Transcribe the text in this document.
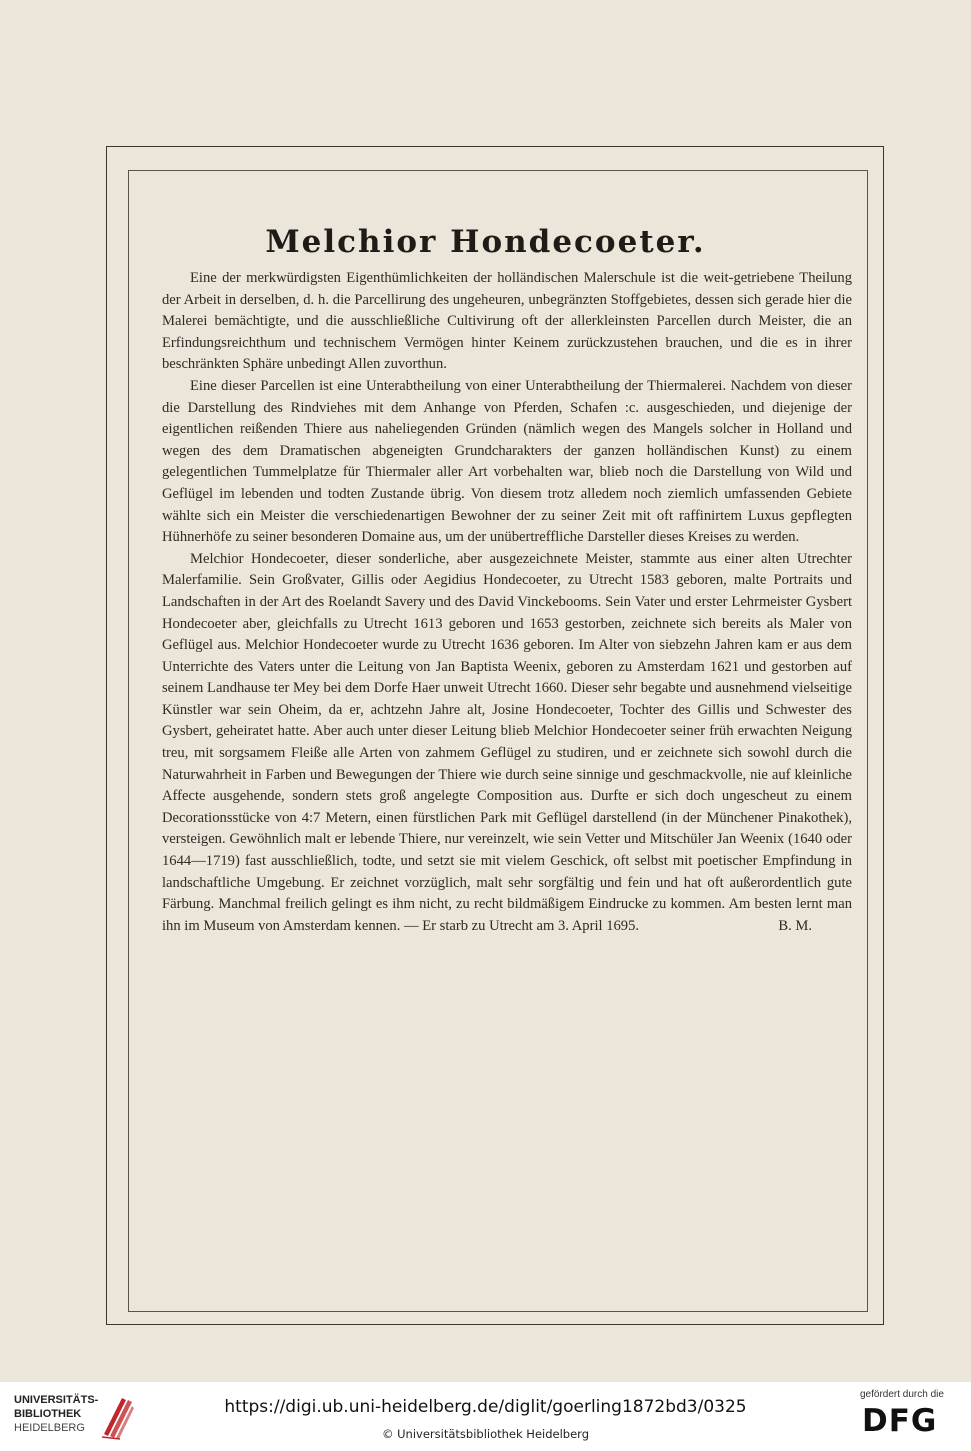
Melchior Hondecoeter.

Eine der merkwürdigsten Eigenthümlichkeiten der holländischen Malerschule ist die weit-getriebene Theilung der Arbeit in derselben, d. h. die Parcellirung des ungeheuren, unbegränzten Stoffgebietes, dessen sich gerade hier die Malerei bemächtigte, und die ausschließliche Cultivirung oft der allerkleinsten Parcellen durch Meister, die an Erfindungsreichthum und technischem Vermögen hinter Keinem zurückzustehen brauchen, und die es in ihrer beschränkten Sphäre unbedingt Allen zuvorthun.

Eine dieser Parcellen ist eine Unterabtheilung von einer Unterabtheilung der Thiermalerei. Nachdem von dieser die Darstellung des Rindviehes mit dem Anhange von Pferden, Schafen :c. ausgeschieden, und diejenige der eigentlichen reißenden Thiere aus naheliegenden Gründen (nämlich wegen des Mangels solcher in Holland und wegen des dem Dramatischen abgeneigten Grundcharakters der ganzen holländischen Kunst) zu einem gelegentlichen Tummelplatze für Thiermaler aller Art vorbehalten war, blieb noch die Darstellung von Wild und Geflügel im lebenden und todten Zustande übrig. Von diesem trotz alledem noch ziemlich umfassenden Gebiete wählte sich ein Meister die verschiedenartigen Bewohner der zu seiner Zeit mit oft raffinirtem Luxus gepflegten Hühnerhöfe zu seiner besonderen Domaine aus, um der unübertreffliche Darsteller dieses Kreises zu werden.

Melchior Hondecoeter, dieser sonderliche, aber ausgezeichnete Meister, stammte aus einer alten Utrechter Malerfamilie. Sein Großvater, Gillis oder Aegidius Hondecoeter, zu Utrecht 1583 geboren, malte Portraits und Landschaften in der Art des Roelandt Savery und des David Vinckebooms. Sein Vater und erster Lehrmeister Gysbert Hondecoeter aber, gleichfalls zu Utrecht 1613 geboren und 1653 gestorben, zeichnete sich bereits als Maler von Geflügel aus. Melchior Hondecoeter wurde zu Utrecht 1636 geboren. Im Alter von siebzehn Jahren kam er aus dem Unterrichte des Vaters unter die Leitung von Jan Baptista Weenix, geboren zu Amsterdam 1621 und gestorben auf seinem Landhause ter Mey bei dem Dorfe Haer unweit Utrecht 1660. Dieser sehr begabte und ausnehmend vielseitige Künstler war sein Oheim, da er, achtzehn Jahre alt, Josine Hondecoeter, Tochter des Gillis und Schwester des Gysbert, geheiratet hatte. Aber auch unter dieser Leitung blieb Melchior Hondecoeter seiner früh erwachten Neigung treu, mit sorgsamem Fleiße alle Arten von zahmem Geflügel zu studiren, und er zeichnete sich sowohl durch die Naturwahrheit in Farben und Bewegungen der Thiere wie durch seine sinnige und geschmackvolle, nie auf kleinliche Affecte ausgehende, sondern stets groß angelegte Composition aus. Durfte er sich doch ungescheut zu einem Decorationsstücke von 4:7 Metern, einen fürstlichen Park mit Geflügel darstellend (in der Münchener Pinakothek), versteigen. Gewöhnlich malt er lebende Thiere, nur vereinzelt, wie sein Vetter und Mitschüler Jan Weenix (1640 oder 1644—1719) fast ausschließlich, todte, und setzt sie mit vielem Geschick, oft selbst mit poetischer Empfindung in landschaftliche Umgebung. Er zeichnet vorzüglich, malt sehr sorgfältig und fein und hat oft außerordentlich gute Färbung. Manchmal freilich gelingt es ihm nicht, zu recht bildmäßigem Eindrucke zu kommen. Am besten lernt man ihn im Museum von Amsterdam kennen. — Er starb zu Utrecht am 3. April 1695.	B. M.

UNIVERSITÄTS-
BIBLIOTHEK
HEIDELBERG
https://digi.ub.uni-heidelberg.de/diglit/goerling1872bd3/0325
© Universitätsbibliothek Heidelberg
gefördert durch die
DFG
